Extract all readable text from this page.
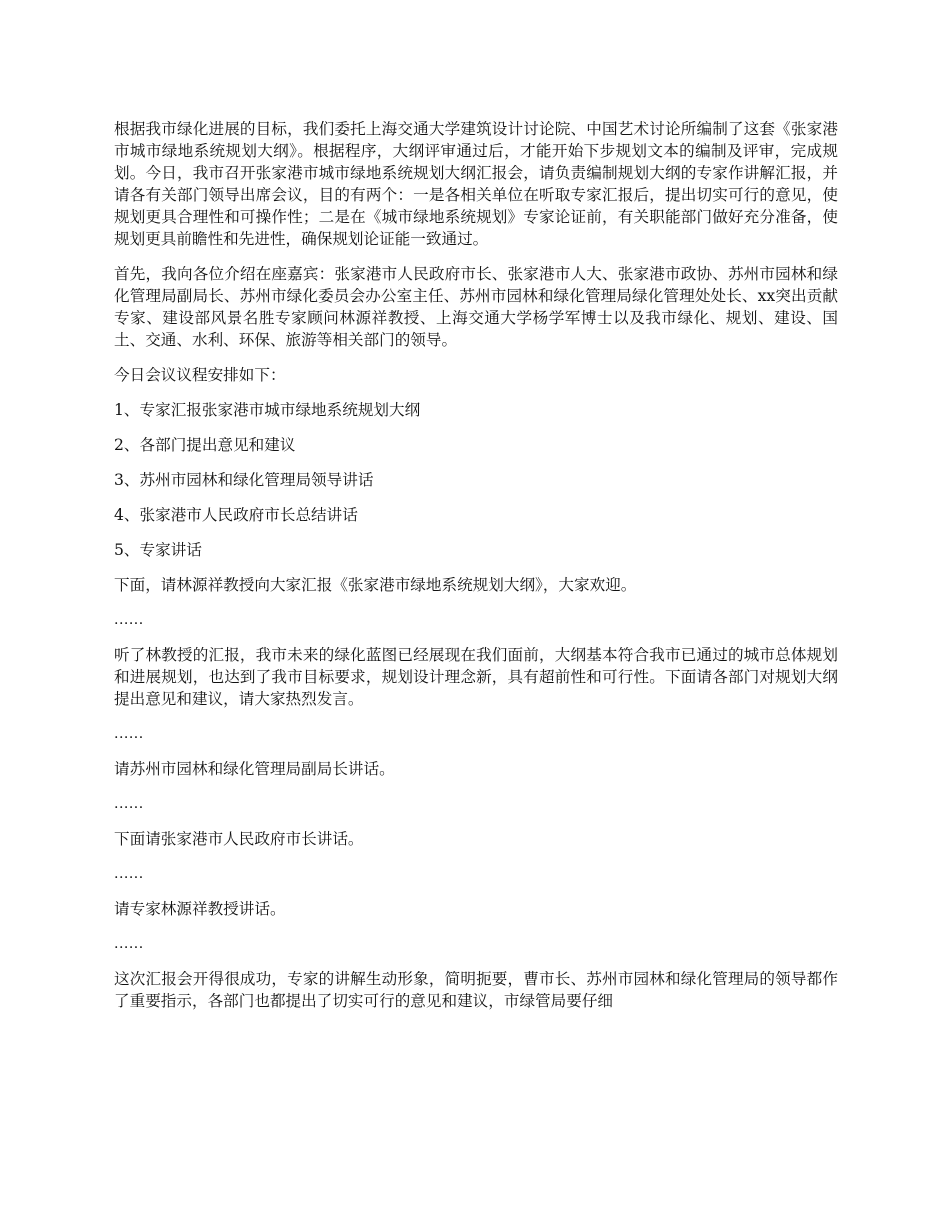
根据我市绿化进展的目标，我们委托上海交通大学建筑设计讨论院、中国艺术讨论所编制了这套《张家港市城市绿地系统规划大纲》。根据程序，大纲评审通过后，才能开始下步规划文本的编制及评审，完成规划。今日，我市召开张家港市城市绿地系统规划大纲汇报会，请负责编制规划大纲的专家作讲解汇报，并请各有关部门领导出席会议，目的有两个：一是各相关单位在听取专家汇报后，提出切实可行的意见，使规划更具合理性和可操作性；二是在《城市绿地系统规划》专家论证前，有关职能部门做好充分准备，使规划更具前瞻性和先进性，确保规划论证能一致通过。

首先，我向各位介绍在座嘉宾：张家港市人民政府市长、张家港市人大、张家港市政协、苏州市园林和绿化管理局副局长、苏州市绿化委员会办公室主任、苏州市园林和绿化管理局绿化管理处处长、xx突出贡献专家、建设部风景名胜专家顾问林源祥教授、上海交通大学杨学军博士以及我市绿化、规划、建设、国土、交通、水利、环保、旅游等相关部门的领导。

今日会议议程安排如下：

1、专家汇报张家港市城市绿地系统规划大纲

2、各部门提出意见和建议

3、苏州市园林和绿化管理局领导讲话

4、张家港市人民政府市长总结讲话

5、专家讲话

下面，请林源祥教授向大家汇报《张家港市绿地系统规划大纲》，大家欢迎。

......

听了林教授的汇报，我市未来的绿化蓝图已经展现在我们面前，大纲基本符合我市已通过的城市总体规划和进展规划，也达到了我市目标要求，规划设计理念新，具有超前性和可行性。下面请各部门对规划大纲提出意见和建议，请大家热烈发言。

......

请苏州市园林和绿化管理局副局长讲话。

......

下面请张家港市人民政府市长讲话。

......

请专家林源祥教授讲话。

......

这次汇报会开得很成功，专家的讲解生动形象，简明扼要，曹市长、苏州市园林和绿化管理局的领导都作了重要指示，各部门也都提出了切实可行的意见和建议，市绿管局要仔细
